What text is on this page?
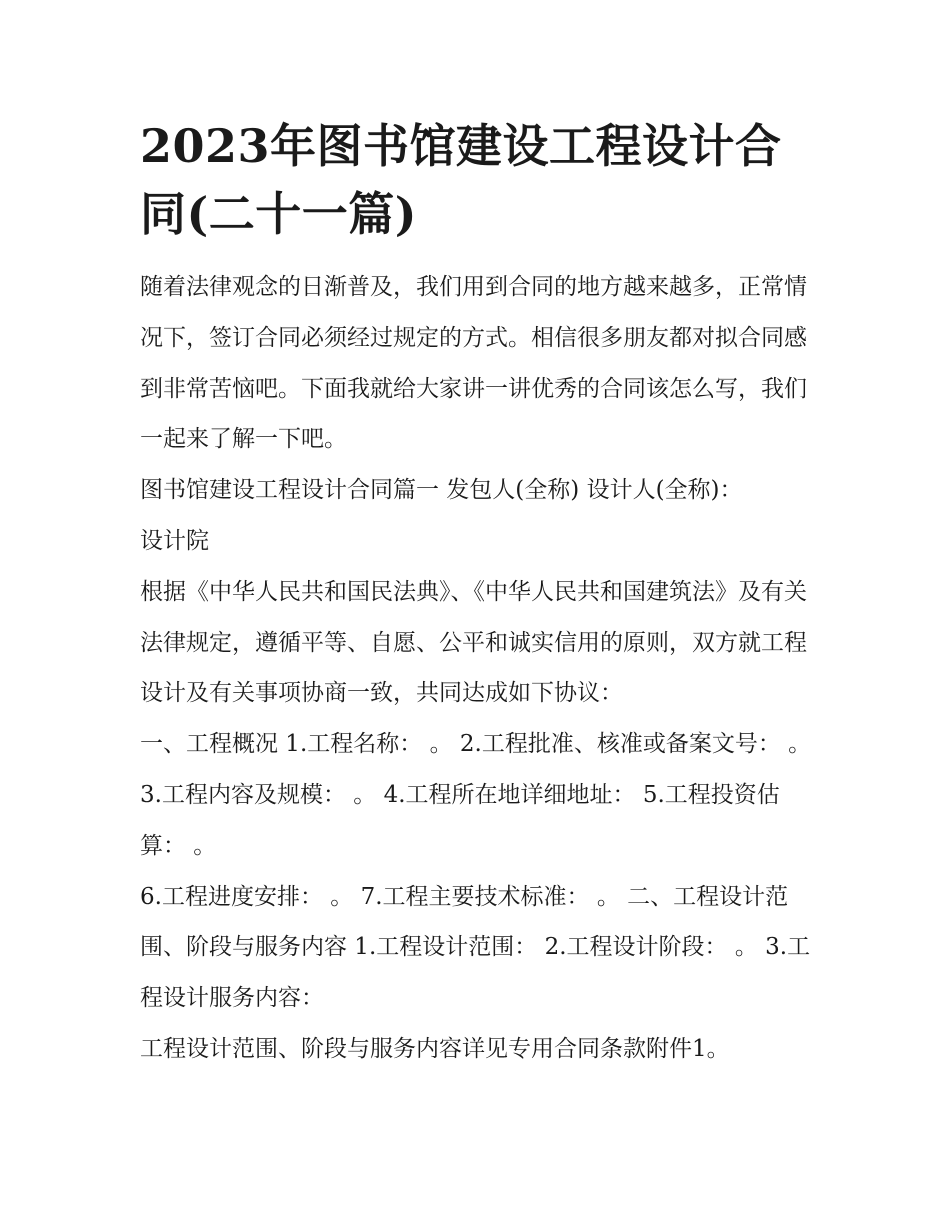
2023年图书馆建设工程设计合同(二十一篇)

随着法律观念的日渐普及，我们用到合同的地方越来越多，正常情况下，签订合同必须经过规定的方式。相信很多朋友都对拟合同感到非常苦恼吧。下面我就给大家讲一讲优秀的合同该怎么写，我们一起来了解一下吧。

图书馆建设工程设计合同篇一 发包人(全称) 设计人(全称)：

设计院

根据《中华人民共和国民法典》、《中华人民共和国建筑法》及有关法律规定，遵循平等、自愿、公平和诚实信用的原则，双方就工程设计及有关事项协商一致，共同达成如下协议：

一、工程概况 1.工程名称： 。 2.工程批准、核准或备案文号： 。 3.工程内容及规模： 。 4.工程所在地详细地址： 5.工程投资估算： 。

6.工程进度安排： 。 7.工程主要技术标准： 。 二、工程设计范围、阶段与服务内容 1.工程设计范围： 2.工程设计阶段： 。 3.工程设计服务内容：

工程设计范围、阶段与服务内容详见专用合同条款附件1。
